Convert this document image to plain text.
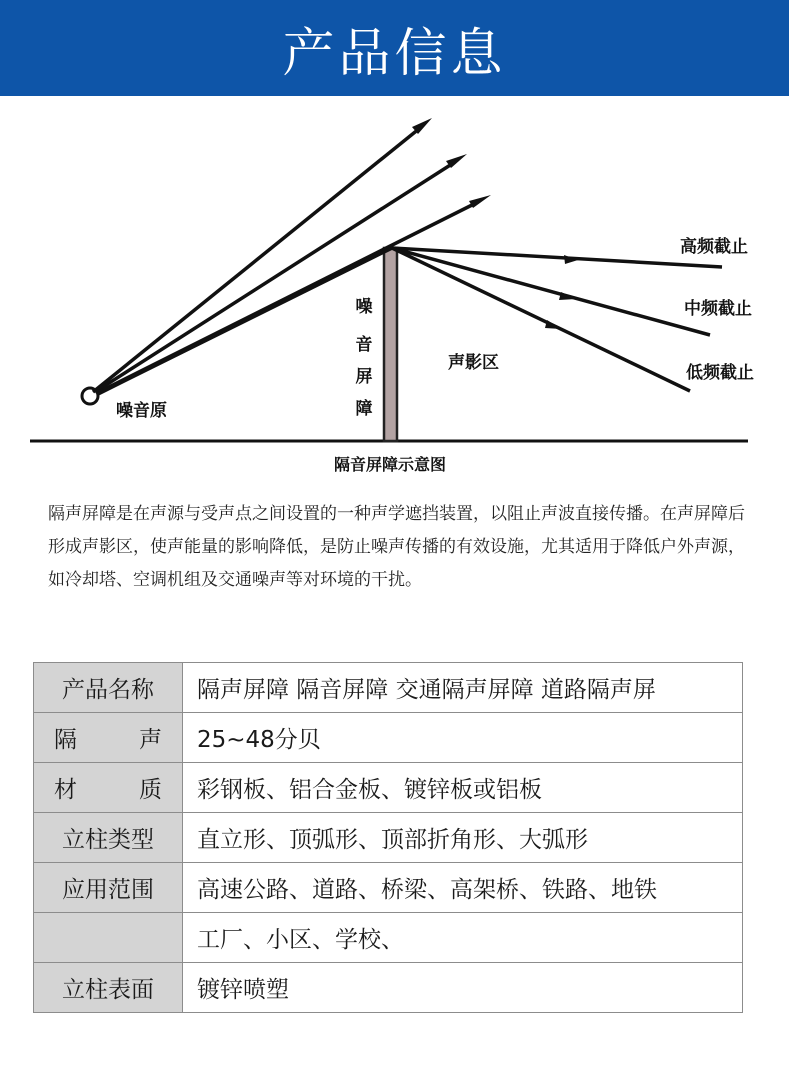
产品信息
噪音原
噪
音
屏
障
声影区
高频截止
中频截止
低频截止
隔音屏障示意图
隔声屏障是在声源与受声点之间设置的一种声学遮挡装置，以阻止声波直接传播。在声屏障后形成声影区，使声能量的影响降低，是防止噪声传播的有效设施，尤其适用于降低户外声源，如冷却塔、空调机组及交通噪声等对环境的干扰。
产品名称	隔声屏障 隔音屏障 交通隔声屏障 道路隔声屏
隔声	25~48分贝
材质	彩钢板、铝合金板、镀锌板或铝板
立柱类型	直立形、顶弧形、顶部折角形、大弧形
应用范围	高速公路、道路、桥梁、高架桥、铁路、地铁
	工厂、小区、学校、
立柱表面	镀锌喷塑
